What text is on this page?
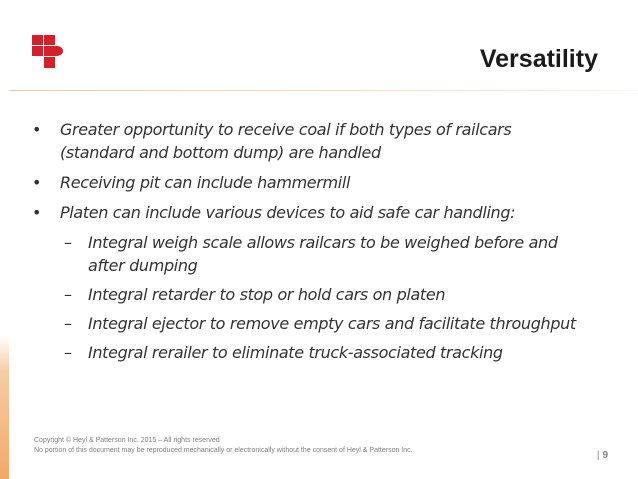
Versatility
• Greater opportunity to receive coal if both types of railcars (standard and bottom dump) are handled
• Receiving pit can include hammermill
• Platen can include various devices to aid safe car handling:
– Integral weigh scale allows railcars to be weighed before and after dumping
– Integral retarder to stop or hold cars on platen
– Integral ejector to remove empty cars and facilitate throughput
– Integral rerailer to eliminate truck-associated tracking
Copyright © Heyl & Patterson Inc. 2015 – All rights reserved
No portion of this document may be reproduced mechanically or electronically without the consent of Heyl & Patterson Inc.	| 9
